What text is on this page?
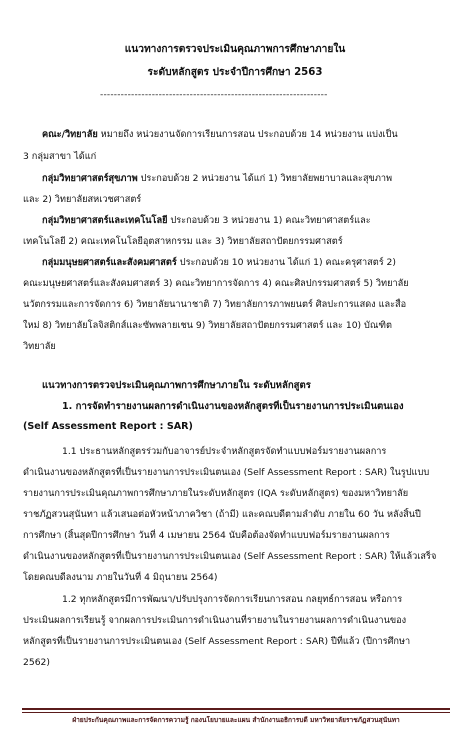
แนวทางการตรวจประเมินคุณภาพการศึกษาภายใน
ระดับหลักสูตร ประจำปีการศึกษา 2563
------------------------------------------------------------------
คณะ/วิทยาลัย หมายถึง หน่วยงานจัดการเรียนการสอน ประกอบด้วย 14 หน่วยงาน แบ่งเป็น
3 กลุ่มสาขา ได้แก่
กลุ่มวิทยาศาสตร์สุขภาพ ประกอบด้วย 2 หน่วยงาน ได้แก่ 1) วิทยาลัยพยาบาลและสุขภาพ
และ 2) วิทยาลัยสหเวชศาสตร์
กลุ่มวิทยาศาสตร์และเทคโนโลยี ประกอบด้วย 3 หน่วยงาน 1) คณะวิทยาศาสตร์และ
เทคโนโลยี 2) คณะเทคโนโลยีอุตสาหกรรม และ 3) วิทยาลัยสถาปัตยกรรมศาสตร์
กลุ่มมนุษยศาสตร์และสังคมศาสตร์ ประกอบด้วย 10 หน่วยงาน ได้แก่ 1) คณะครุศาสตร์ 2)
คณะมนุษยศาสตร์และสังคมศาสตร์ 3) คณะวิทยาการจัดการ 4) คณะศิลปกรรมศาสตร์ 5) วิทยาลัย
นวัตกรรมและการจัดการ 6) วิทยาลัยนานาชาติ 7) วิทยาลัยการภาพยนตร์ ศิลปะการแสดง และสื่อ
ใหม่ 8) วิทยาลัยโลจิสติกส์และซัพพลายเชน 9) วิทยาลัยสถาปัตยกรรมศาสตร์ และ 10) บัณฑิต
วิทยาลัย
แนวทางการตรวจประเมินคุณภาพการศึกษาภายใน ระดับหลักสูตร
1. การจัดทำรายงานผลการดำเนินงานของหลักสูตรที่เป็นรายงานการประเมินตนเอง
(Self Assessment Report : SAR)
1.1 ประธานหลักสูตรร่วมกับอาจารย์ประจำหลักสูตรจัดทำแบบฟอร์มรายงานผลการ
ดำเนินงานของหลักสูตรที่เป็นรายงานการประเมินตนเอง (Self Assessment Report : SAR) ในรูปแบบ
รายงานการประเมินคุณภาพการศึกษาภายในระดับหลักสูตร (IQA ระดับหลักสูตร) ของมหาวิทยาลัย
ราชภัฏสวนสุนันทา แล้วเสนอต่อหัวหน้าภาควิชา (ถ้ามี) และคณบดีตามลำดับ ภายใน 60 วัน หลังสิ้นปี
การศึกษา (สิ้นสุดปีการศึกษา วันที่ 4 เมษายน 2564 นับคือต้องจัดทำแบบฟอร์มรายงานผลการ
ดำเนินงานของหลักสูตรที่เป็นรายงานการประเมินตนเอง (Self Assessment Report : SAR) ให้แล้วเสร็จ
โดยคณบดีลงนาม ภายในวันที่ 4 มิถุนายน 2564)
1.2 ทุกหลักสูตรมีการพัฒนา/ปรับปรุงการจัดการเรียนการสอน กลยุทธ์การสอน หรือการ
ประเมินผลการเรียนรู้ จากผลการประเมินการดำเนินงานที่รายงานในรายงานผลการดำเนินงานของ
หลักสูตรที่เป็นรายงานการประเมินตนเอง (Self Assessment Report : SAR) ปีที่แล้ว (ปีการศึกษา
2562)
ฝ่ายประกันคุณภาพและการจัดการความรู้ กองนโยบายและแผน สำนักงานอธิการบดี มหาวิทยาลัยราชภัฏสวนสุนันทา
